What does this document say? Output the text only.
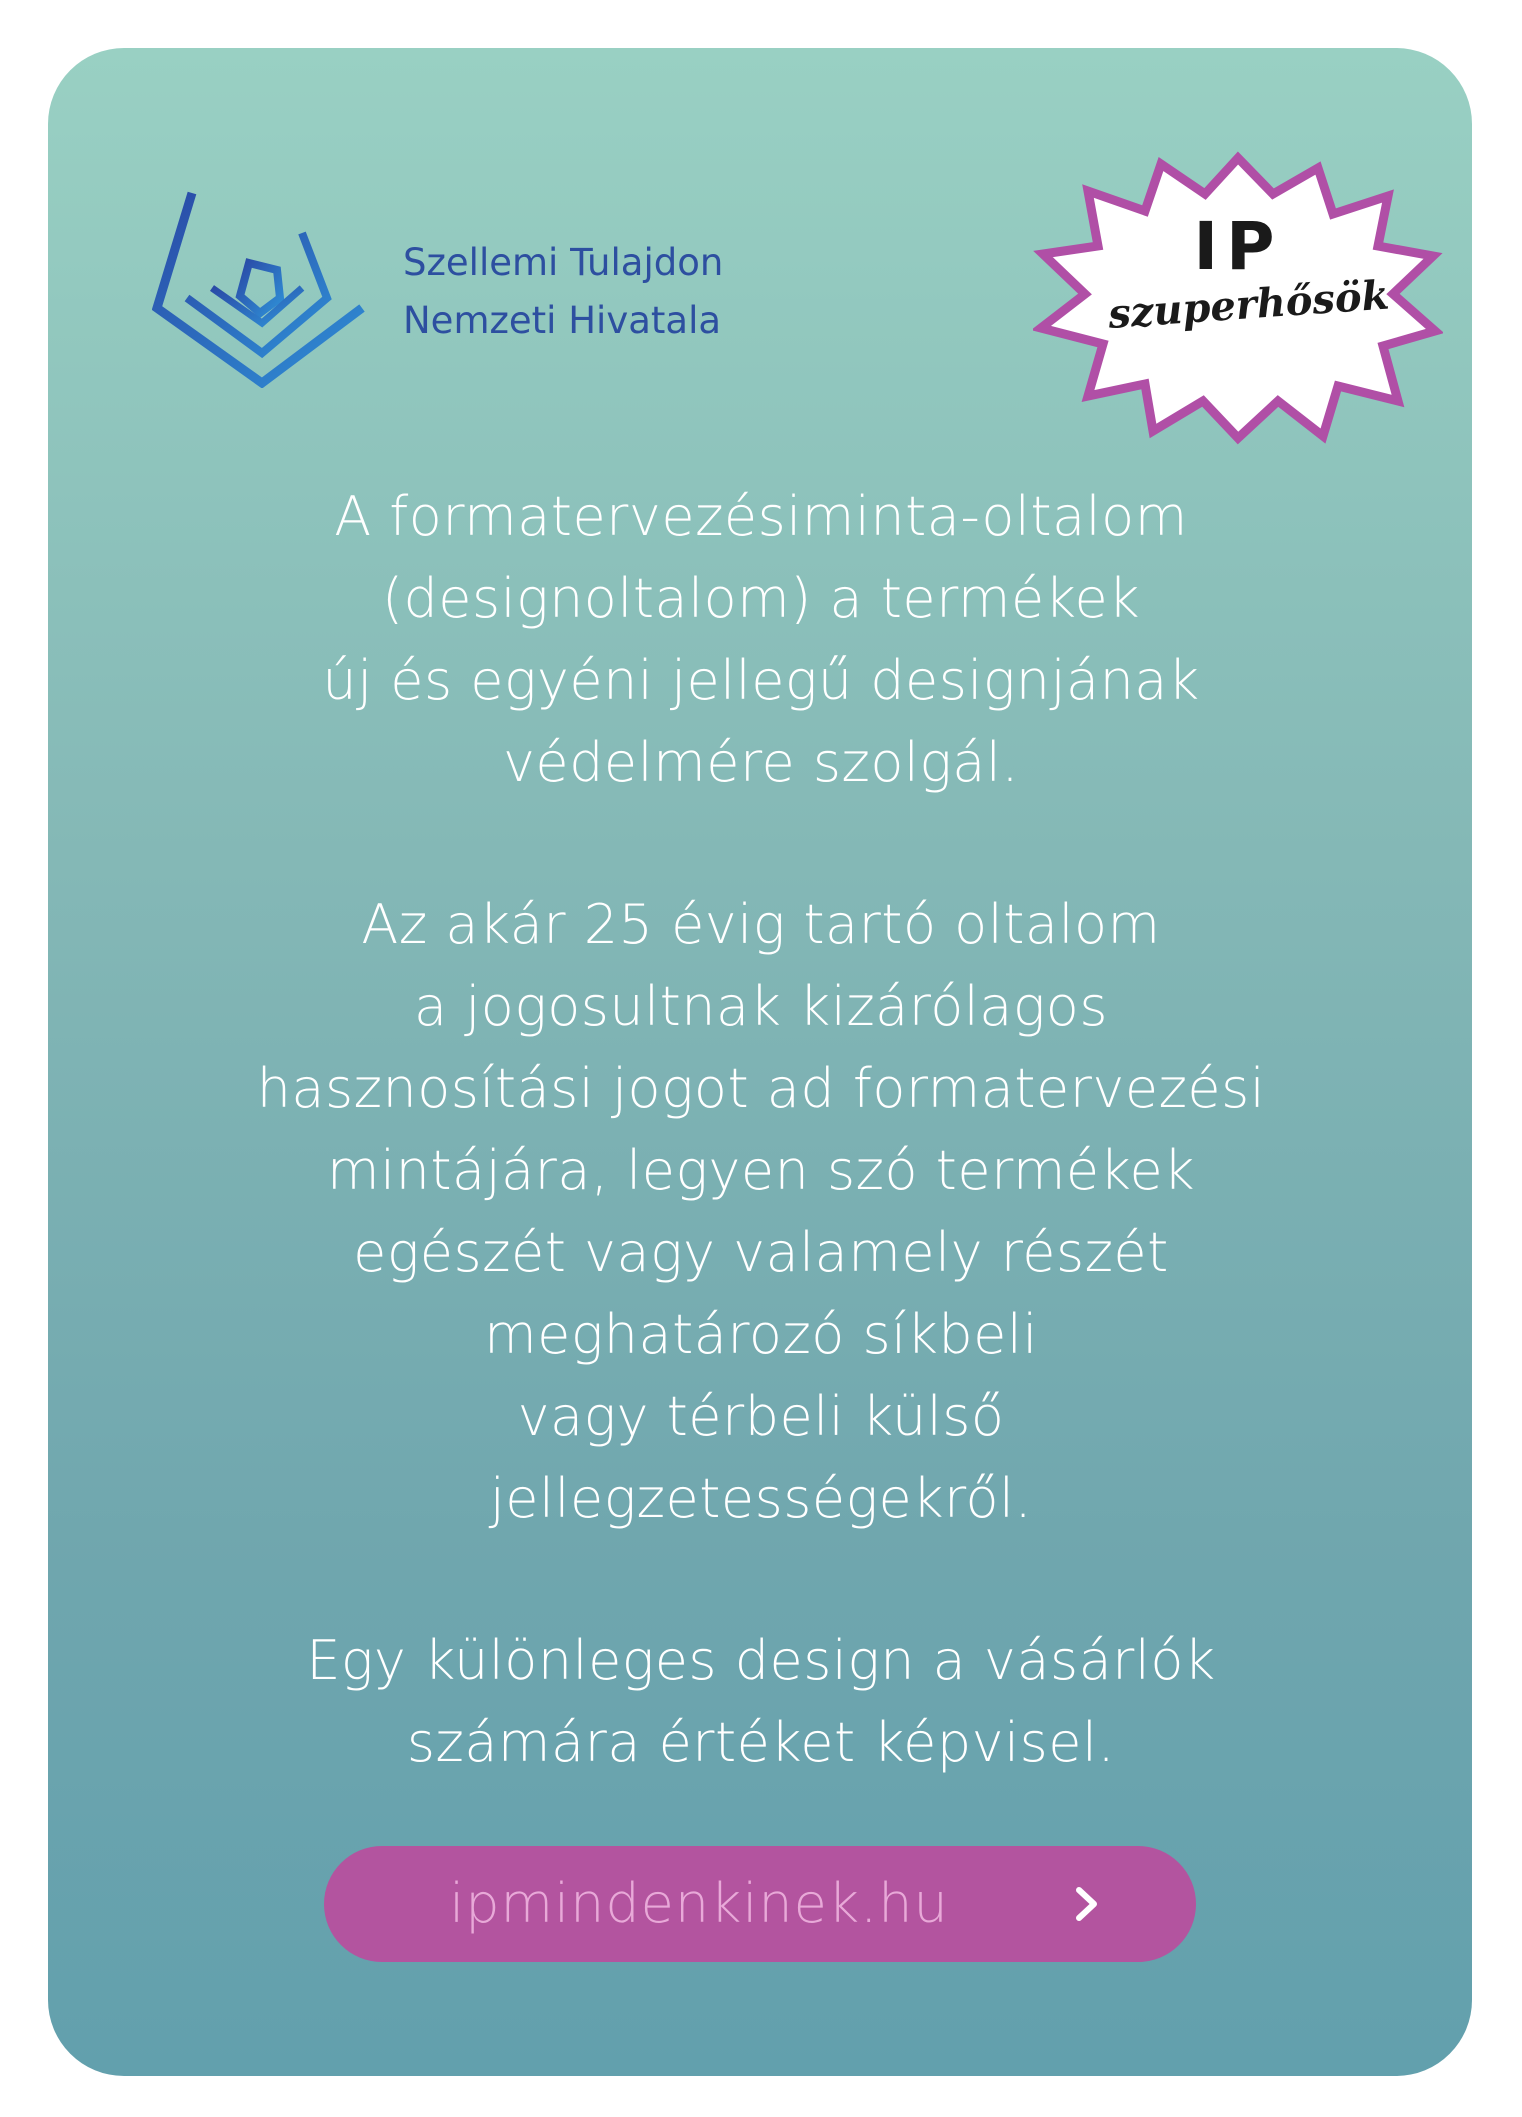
Szellemi Tulajdon
Nemzeti Hivatala
IP
szuperhősök
A formatervezésiminta-oltalom
(designoltalom) a termékek
új és egyéni jellegű designjának
védelmére szolgál.
Az akár 25 évig tartó oltalom
a jogosultnak kizárólagos
hasznosítási jogot ad formatervezési
mintájára, legyen szó termékek
egészét vagy valamely részét
meghatározó síkbeli
vagy térbeli külső
jellegzetességekről.
Egy különleges design a vásárlók
számára értéket képvisel.
ipmindenkinek.hu
